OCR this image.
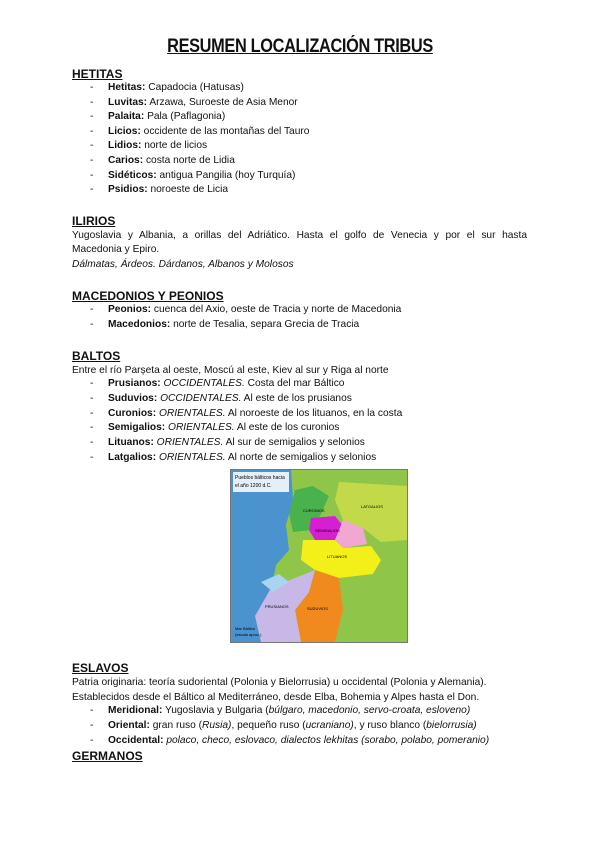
RESUMEN LOCALIZACIÓN TRIBUS
HETITAS
- Hetitas: Capadocia (Hatusas)
- Luvitas: Arzawa, Suroeste de Asia Menor
- Palaita: Pala (Paflagonia)
- Licios: occidente de las montañas del Tauro
- Lidios: norte de licios
- Carios: costa norte de Lidia
- Sidéticos: antigua Pangilia (hoy Turquía)
- Psidios: noroeste de Licia
ILIRIOS
Yugoslavia y Albania, a orillas del Adriático. Hasta el golfo de Venecia y por el sur hasta
Macedonia y Epiro.
Dálmatas, Árdeos. Dárdanos, Albanos y Molosos
MACEDONIOS Y PEONIOS
- Peonios: cuenca del Axio, oeste de Tracia y norte de Macedonia
- Macedonios: norte de Tesalia, separa Grecia de Tracia
BALTOS
Entre el río Parșeta al oeste, Moscú al este, Kiev al sur y Riga al norte
- Prusianos: OCCIDENTALES. Costa del mar Báltico
- Suduvios: OCCIDENTALES. Al este de los prusianos
- Curonios: ORIENTALES. Al noroeste de los lituanos, en la costa
- Semigalios: ORIENTALES. Al este de los curonios
- Lituanos: ORIENTALES. Al sur de semigalios y selonios
- Latgalios: ORIENTALES. Al norte de semigalios y selonios
Pueblos bálticos hacia
el año 1200 d.C.
CURONIOS
SEMIGALIOS
LATGALIOS
LITUANOS
PRUSIANOS	SUDUVIOS
Mar Báltico
(escala aprox.)
ESLAVOS
Patria originaria: teoría sudoriental (Polonia y Bielorrusia) u occidental (Polonia y Alemania).
Establecidos desde el Báltico al Mediterráneo, desde Elba, Bohemia y Alpes hasta el Don.
- Meridional: Yugoslavia y Bulgaria (búlgaro, macedonio, servo-croata, esloveno)
- Oriental: gran ruso (Rusia), pequeño ruso (ucraniano), y ruso blanco (bielorrusia)
- Occidental: polaco, checo, eslovaco, dialectos lekhitas (sorabo, polabo, pomeranio)
GERMANOS
